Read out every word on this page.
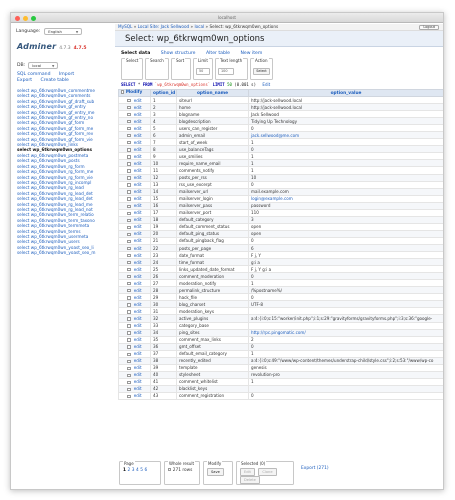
localhost
Language: English	▼
Adminer 4.7.3 4.7.5
DB: local	▼
SQL command Import
Export Create table
select wp_6tkrwqm0wn_commentme
select wp_6tkrwqm0wn_comments
select wp_6tkrwqm0wn_gf_draft_sub
select wp_6tkrwqm0wn_gf_entry
select wp_6tkrwqm0wn_gf_entry_me
select wp_6tkrwqm0wn_gf_entry_no
select wp_6tkrwqm0wn_gf_form
select wp_6tkrwqm0wn_gf_form_me
select wp_6tkrwqm0wn_gf_form_rev
select wp_6tkrwqm0wn_gf_form_vie
select wp_6tkrwqm0wn_links
select wp_6tkrwqm0wn_options
select wp_6tkrwqm0wn_postmeta
select wp_6tkrwqm0wn_posts
select wp_6tkrwqm0wn_rg_form
select wp_6tkrwqm0wn_rg_form_me
select wp_6tkrwqm0wn_rg_form_vie
select wp_6tkrwqm0wn_rg_incompl
select wp_6tkrwqm0wn_rg_lead
select wp_6tkrwqm0wn_rg_lead_det
select wp_6tkrwqm0wn_rg_lead_det
select wp_6tkrwqm0wn_rg_lead_me
select wp_6tkrwqm0wn_rg_lead_not
select wp_6tkrwqm0wn_term_relatio
select wp_6tkrwqm0wn_term_taxono
select wp_6tkrwqm0wn_termmeta
select wp_6tkrwqm0wn_terms
select wp_6tkrwqm0wn_usermeta
select wp_6tkrwqm0wn_users
select wp_6tkrwqm0wn_yoast_seo_li
select wp_6tkrwqm0wn_yoast_seo_m
MySQL » Local Site: Jack Sellwood » local » Select: wp_6tkrwqm0wn_options	Logout
Select: wp_6tkrwqm0wn_options
Select data Show structure Alter table New item
Select	Search	Sort	Limit
50
Text length
100
Action
Select
SELECT * FROM `wp_6tkrwqm0wn_options` LIMIT 50 (0.001 s) Edit
Modify	option_id	option_name	option_value
edit	1	siteurl	http://jack-sellwood.local
edit	2	home	http://jack-sellwood.local
edit	3	blogname	Jack Sellwood
edit	4	blogdescription	Tidying Up Technology
edit	5	users_can_register	0
edit	6	admin_email	jack.sellwood@me.com
edit	7	start_of_week	1
edit	8	use_balanceTags	0
edit	9	use_smilies	1
edit	10	require_name_email	1
edit	11	comments_notify	1
edit	12	posts_per_rss	10
edit	13	rss_use_excerpt	0
edit	14	mailserver_url	mail.example.com
edit	15	mailserver_login	login@example.com
edit	16	mailserver_pass	password
edit	17	mailserver_port	110
edit	18	default_category	3
edit	19	default_comment_status	open
edit	20	default_ping_status	open
edit	21	default_pingback_flag	0
edit	22	posts_per_page	6
edit	23	date_format	F j, Y
edit	24	time_format	g:i a
edit	25	links_updated_date_format	F j, Y g:i a
edit	26	comment_moderation	0
edit	27	moderation_notify	1
edit	28	permalink_structure	/%postname%/
edit	29	hack_file	0
edit	30	blog_charset	UTF-8
edit	31	moderation_keys	
edit	32	active_plugins	a:4:{i:0;s:15:"worker/init.php";i:1;s:29:"gravityforms/gravityforms.php";i:3;s:36:"google-
edit	33	category_base	
edit	34	ping_sites	http://rpc.pingomatic.com/
edit	35	comment_max_links	2
edit	36	gmt_offset	0
edit	37	default_email_category	1
edit	38	recently_edited	a:4:{i:0;s:49:"/www/wp-content/themes/understrap-child/style.css";i:2;s:53:"/www/wp-co
edit	39	template	genesis
edit	40	stylesheet	revolution-pro
edit	41	comment_whitelist	1
edit	42	blacklist_keys	
edit	43	comment_registration	0
Page
1 2 3 4 5 6
Whole result
271 rows
Modify
Save
Selected (0)
Edit	Clone Delete
Export (271)
